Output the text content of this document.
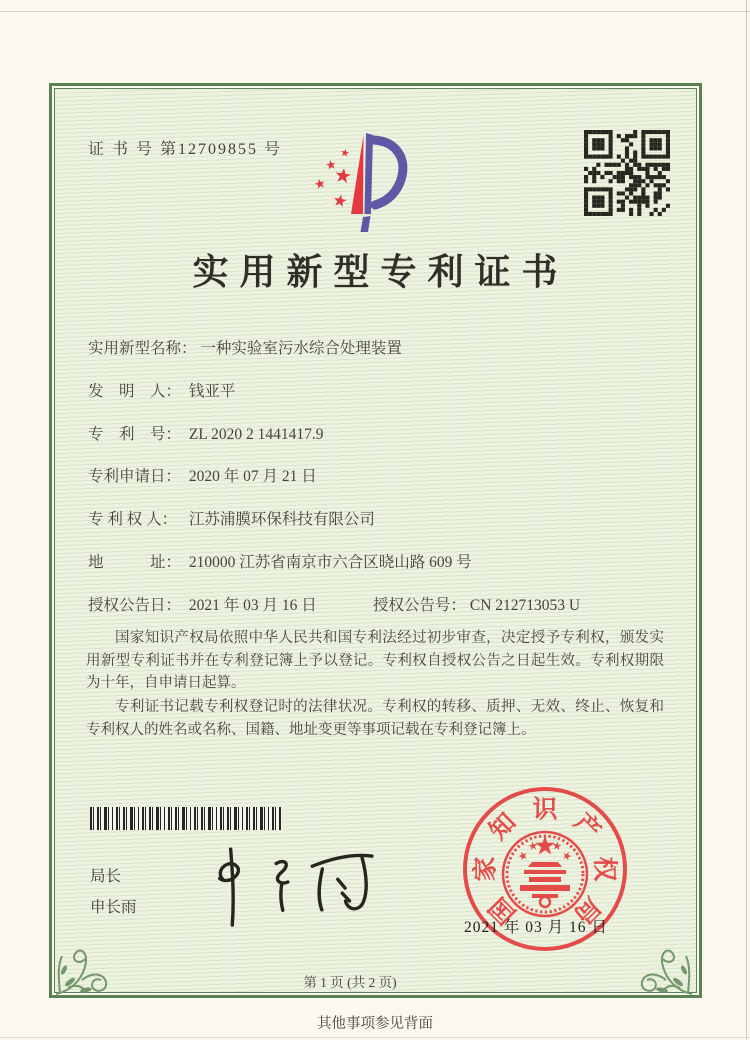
证 书 号 第12709855 号
实用新型专利证书
实用新型名称： 一种实验室污水综合处理装置
发　明　人： 钱亚平
专　利　号： ZL 2020 2 1441417.9
专利申请日： 2020 年 07 月 21 日
专 利 权 人： 江苏浦膜环保科技有限公司
地　　　址： 210000 江苏省南京市六合区晓山路 609 号
授权公告日： 2021 年 03 月 16 日	授权公告号： CN 212713053 U
国家知识产权局依照中华人民共和国专利法经过初步审查，决定授予专利权，颁发实用新型专利证书并在专利登记簿上予以登记。专利权自授权公告之日起生效。专利权期限为十年，自申请日起算。
专利证书记载专利权登记时的法律状况。专利权的转移、质押、无效、终止、恢复和专利权人的姓名或名称、国籍、地址变更等事项记载在专利登记簿上。
局长
申长雨	国
家
知 识 产
权
局
2021 年 03 月 16 日
第 1 页 (共 2 页)
其他事项参见背面
